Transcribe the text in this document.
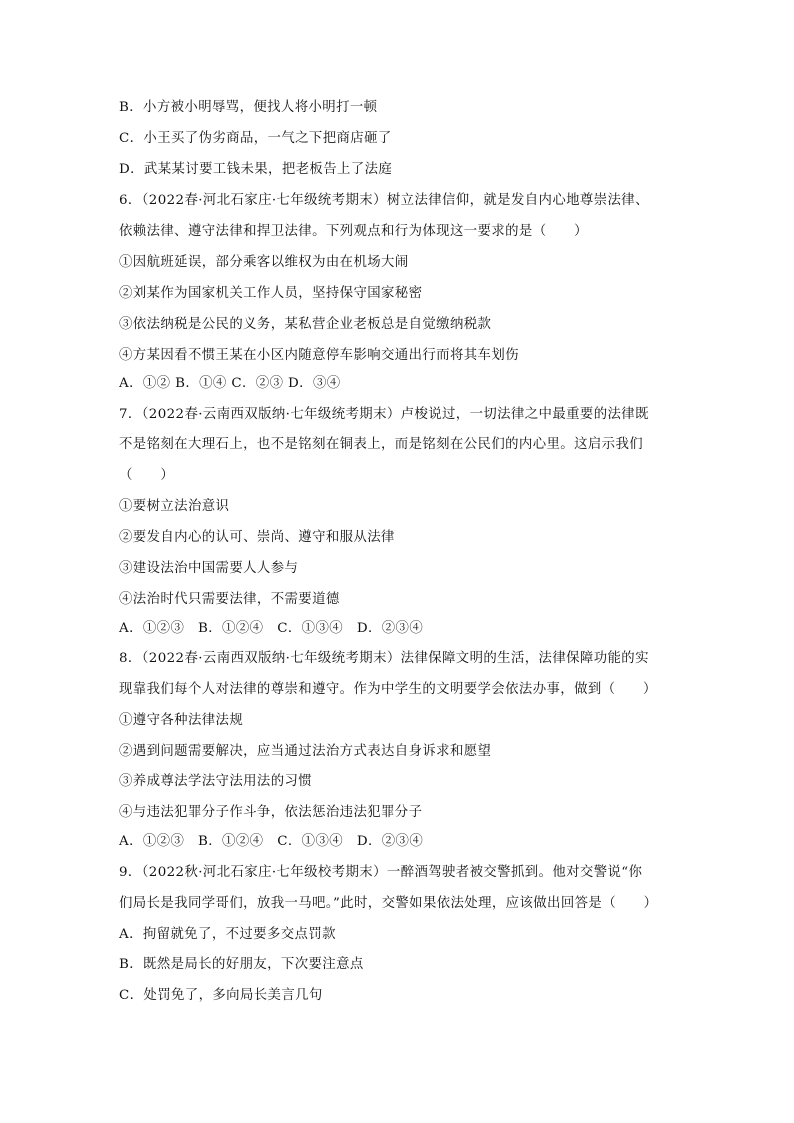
B．小方被小明辱骂，便找人将小明打一顿
C．小王买了伪劣商品，一气之下把商店砸了
D．武某某讨要工钱未果，把老板告上了法庭
6．（2022春·河北石家庄·七年级统考期末）树立法律信仰，就是发自内心地尊崇法律、
依赖法律、遵守法律和捍卫法律。下列观点和行为体现这一要求的是（　　）
①因航班延误，部分乘客以维权为由在机场大闹
②刘某作为国家机关工作人员，坚持保守国家秘密
③依法纳税是公民的义务，某私营企业老板总是自觉缴纳税款
④方某因看不惯王某在小区内随意停车影响交通出行而将其车划伤
A．①② B．①④ C．②③ D．③④
7．（2022春·云南西双版纳·七年级统考期末）卢梭说过，一切法律之中最重要的法律既
不是铭刻在大理石上，也不是铭刻在铜表上，而是铭刻在公民们的内心里。这启示我们
（　　）
①要树立法治意识
②要发自内心的认可、崇尚、遵守和服从法律
③建设法治中国需要人人参与
④法治时代只需要法律，不需要道德
A．①②③　B．①②④　C．①③④　D．②③④
8．（2022春·云南西双版纳·七年级统考期末）法律保障文明的生活，法律保障功能的实
现靠我们每个人对法律的尊崇和遵守。作为中学生的文明要学会依法办事，做到（　　）
①遵守各种法律法规
②遇到问题需要解决，应当通过法治方式表达自身诉求和愿望
③养成尊法学法守法用法的习惯
④与违法犯罪分子作斗争，依法惩治违法犯罪分子
A．①②③　B．①②④　C．①③④　D．②③④
9．（2022秋·河北石家庄·七年级校考期末）一醉酒驾驶者被交警抓到。他对交警说“你
们局长是我同学哥们，放我一马吧。”此时，交警如果依法处理，应该做出回答是（　　）
A．拘留就免了，不过要多交点罚款
B．既然是局长的好朋友，下次要注意点
C．处罚免了，多向局长美言几句
